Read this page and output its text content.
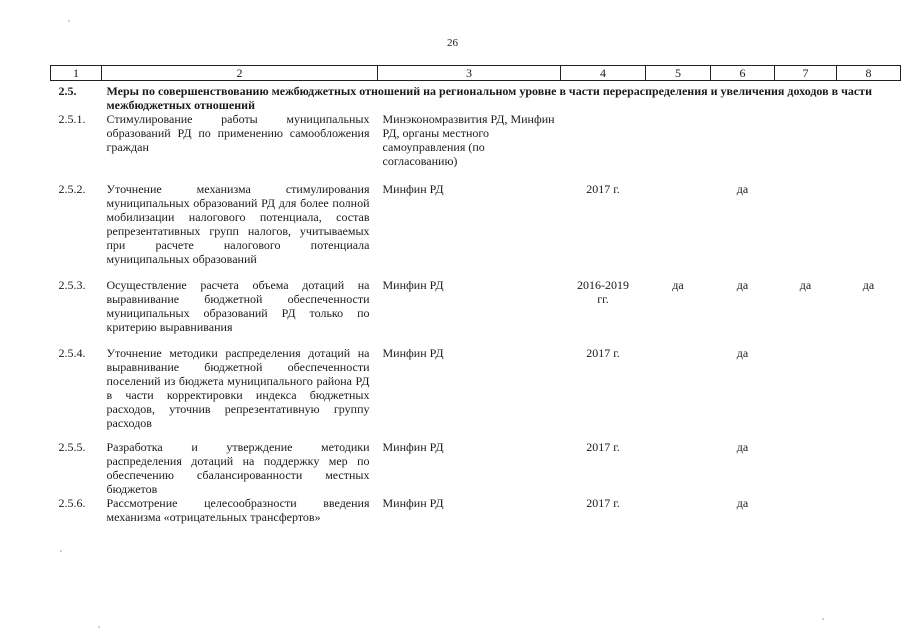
26
1	2	3	4	5	6	7	8
2.5.	Меры по совершенствованию межбюджетных отношений на региональном уровне в части перераспределения и увеличения доходов в части межбюджетных отношений						
2.5.1.	Стимулирование работы муниципальных образований РД по применению самообложения граждан	Минэкономразвития РД, Минфин РД, органы местного самоуправления (по согласованию)					
2.5.2.	Уточнение механизма стимулирования муниципальных образований РД для более полной мобилизации налогового потенциала, состав репрезентативных групп налогов, учитываемых при расчете налогового потенциала муниципальных образований	Минфин РД	2017 г.		да		
2.5.3.	Осуществление расчета объема дотаций на выравнивание бюджетной обеспеченности муниципальных образований РД только по критерию выравнивания	Минфин РД	2016-2019 гг.	да	да	да	да
2.5.4.	Уточнение методики распределения дотаций на выравнивание бюджетной обеспеченности поселений из бюджета муниципального района РД в части корректировки индекса бюджетных расходов, уточнив репрезентативную группу расходов	Минфин РД	2017 г.		да		
2.5.5.	Разработка и утверждение методики распределения дотаций на поддержку мер по обеспечению сбалансированности местных бюджетов	Минфин РД	2017 г.		да		
2.5.6.	Рассмотрение целесообразности введения механизма «отрицательных трансфертов»	Минфин РД	2017 г.		да		
